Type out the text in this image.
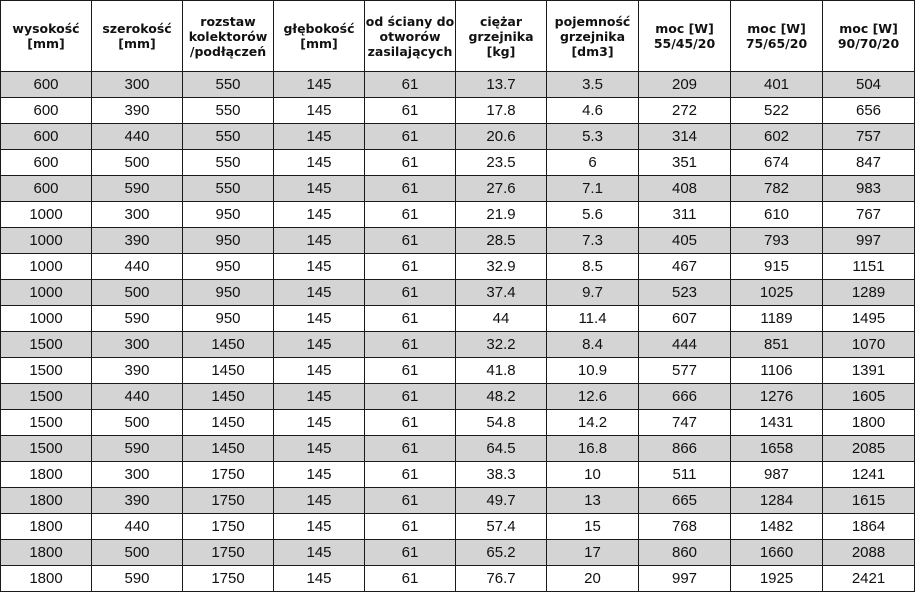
wysokość
[mm]	szerokość
[mm]	rozstaw
kolektorów
/podłączeń	głębokość
[mm]	od ściany do
otworów
zasilających	ciężar
grzejnika
[kg]	pojemność
grzejnika
[dm3]	moc [W]
55/45/20	moc [W]
75/65/20	moc [W]
90/70/20
600	300	550	145	61	13.7	3.5	209	401	504
600	390	550	145	61	17.8	4.6	272	522	656
600	440	550	145	61	20.6	5.3	314	602	757
600	500	550	145	61	23.5	6	351	674	847
600	590	550	145	61	27.6	7.1	408	782	983
1000	300	950	145	61	21.9	5.6	311	610	767
1000	390	950	145	61	28.5	7.3	405	793	997
1000	440	950	145	61	32.9	8.5	467	915	1151
1000	500	950	145	61	37.4	9.7	523	1025	1289
1000	590	950	145	61	44	11.4	607	1189	1495
1500	300	1450	145	61	32.2	8.4	444	851	1070
1500	390	1450	145	61	41.8	10.9	577	1106	1391
1500	440	1450	145	61	48.2	12.6	666	1276	1605
1500	500	1450	145	61	54.8	14.2	747	1431	1800
1500	590	1450	145	61	64.5	16.8	866	1658	2085
1800	300	1750	145	61	38.3	10	511	987	1241
1800	390	1750	145	61	49.7	13	665	1284	1615
1800	440	1750	145	61	57.4	15	768	1482	1864
1800	500	1750	145	61	65.2	17	860	1660	2088
1800	590	1750	145	61	76.7	20	997	1925	2421
